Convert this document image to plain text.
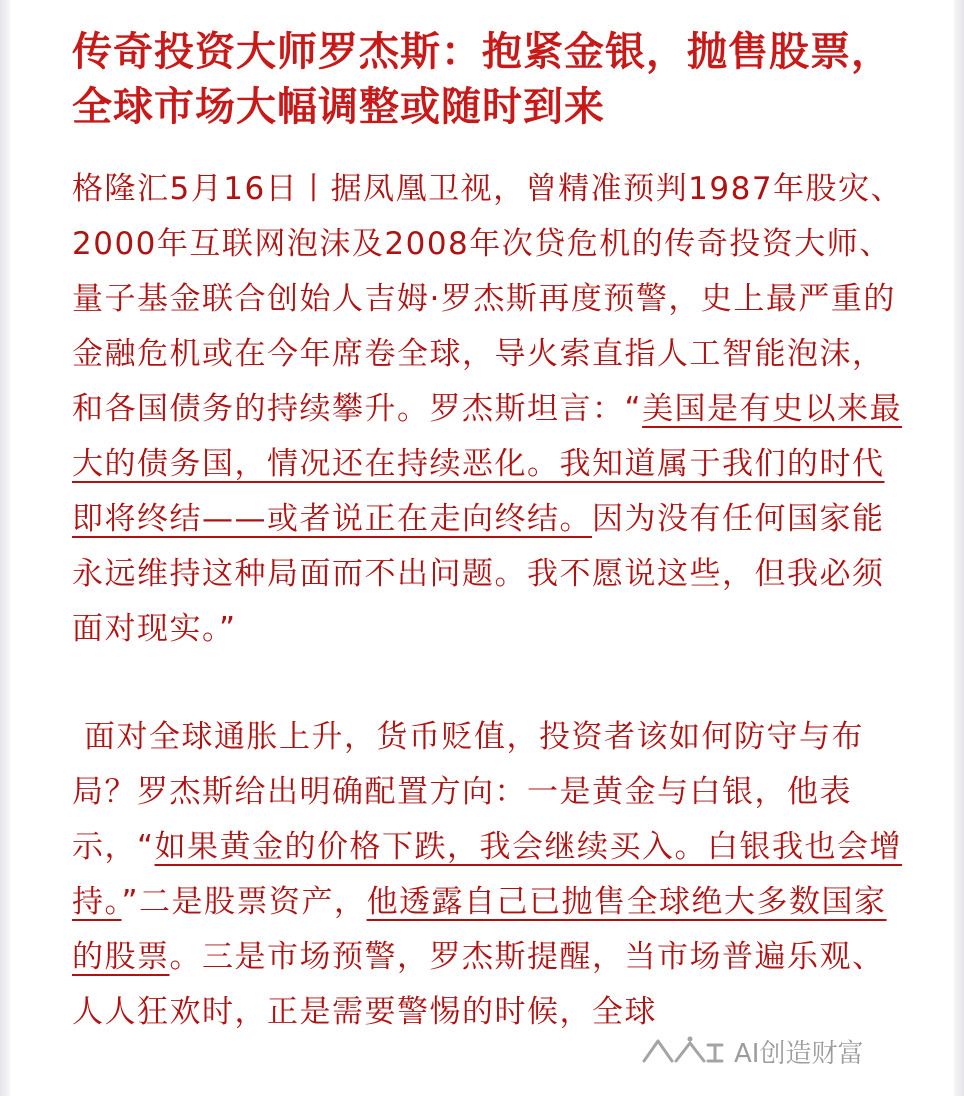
传奇投资大师罗杰斯：抱紧金银，抛售股票，全球市场大幅调整或随时到来

格隆汇5月16日丨据凤凰卫视，曾精准预判1987年股灾、2000年互联网泡沫及2008年次贷危机的传奇投资大师、量子基金联合创始人吉姆·罗杰斯再度预警，史上最严重的金融危机或在今年席卷全球，导火索直指人工智能泡沫，和各国债务的持续攀升。罗杰斯坦言：“美国是有史以来最大的债务国，情况还在持续恶化。我知道属于我们的时代即将终结——或者说正在走向终结。因为没有任何国家能永远维持这种局面而不出问题。我不愿说这些，但我必须面对现实。”

面对全球通胀上升，货币贬值，投资者该如何防守与布局？罗杰斯给出明确配置方向：一是黄金与白银，他表示，“如果黄金的价格下跌，我会继续买入。白银我也会增持。”二是股票资产，他透露自己已抛售全球绝大多数国家的股票。三是市场预警，罗杰斯提醒，当市场普遍乐观、人人狂欢时，正是需要警惕的时候，全球

AI创造财富
